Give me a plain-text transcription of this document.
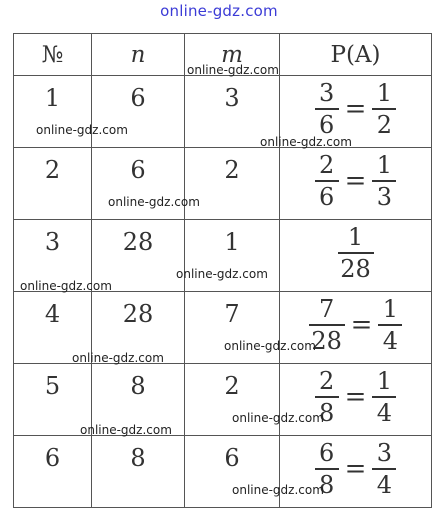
online-gdz.com
№	n	m	P(A)
1	6	3	$\frac{3}{6} = \frac{1}{2}$

2	6	2	$\frac{2}{6} = \frac{1}{3}$

3	28	1	$\frac{1}{28}$

4	28	7	$\frac{7}{28} = \frac{1}{4}$

5	8	2	$\frac{2}{8} = \frac{1}{4}$

6	8	6	$\frac{6}{8} = \frac{3}{4}$
online-gdz.com
online-gdz.com
online-gdz.com
online-gdz.com
online-gdz.com
online-gdz.com
online-gdz.com
online-gdz.com
online-gdz.com
online-gdz.com
online-gdz.com
